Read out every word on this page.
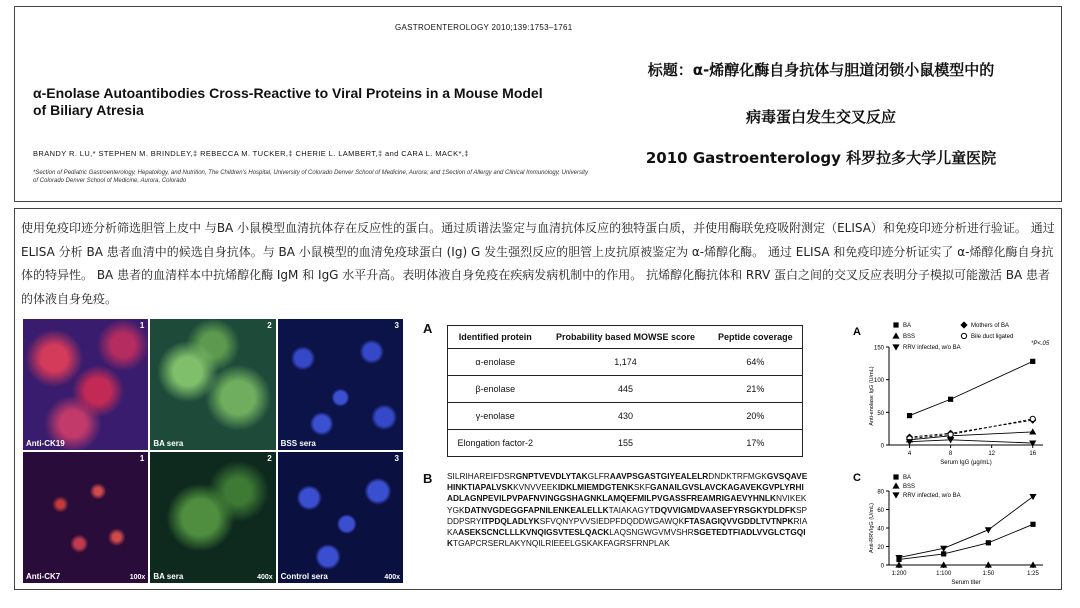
GASTROENTEROLOGY 2010;139:1753–1761
α-Enolase Autoantibodies Cross-Reactive to Viral Proteins in a Mouse Model of Biliary Atresia
BRANDY R. LU,* STEPHEN M. BRINDLEY,‡ REBECCA M. TUCKER,‡ CHERIE L. LAMBERT,‡ and CARA L. MACK*,‡
*Section of Pediatric Gastroenterology, Hepatology, and Nutrition, The Children's Hospital, University of Colorado Denver School of Medicine, Aurora; and ‡Section of Allergy and Clinical Immunology, University of Colorado Denver School of Medicine, Aurora, Colorado
标题：α-烯醇化酶自身抗体与胆道闭锁小鼠模型中的
病毒蛋白发生交叉反应
2010 Gastroenterology 科罗拉多大学儿童医院
使用免疫印迹分析筛选胆管上皮中 与BA 小鼠模型血清抗体存在反应性的蛋白。通过质谱法鉴定与血清抗体反应的独特蛋白质，并使用酶联免疫吸附测定（ELISA）和免疫印迹分析进行验证。 通过 ELISA 分析 BA 患者血清中的候选自身抗体。与 BA 小鼠模型的血清免疫球蛋白 (Ig) G 发生强烈反应的胆管上皮抗原被鉴定为 α-烯醇化酶。 通过 ELISA 和免疫印迹分析证实了 α-烯醇化酶自身抗体的特异性。 BA 患者的血清样本中抗烯醇化酶 IgM 和 IgG 水平升高。表明体液自身免疫在疾病发病机制中的作用。 抗烯醇化酶抗体和 RRV 蛋白之间的交叉反应表明分子模拟可能激活 BA 患者的体液自身免疫。
1
Anti-CK19
2
BA sera
3
BSS sera
1
Anti-CK7	100x
2
BA sera	400x
3
Control sera	400x
A
Identified protein	Probability based MOWSE score	Peptide coverage
α-enolase	1,174	64%
β-enolase	445	21%
γ-enolase	430	20%
Elongation factor-2	155	17%
B SILRIHAREIFDSRGNPTVEVDLYTAKGLFRAAVPSGASTGIYEALELRDNDKTRFMGKGVSQAVEHINKTIAPALVSKKVNVVEEKIDKLMIEMDGTENKSKFGANAILGVSLAVCKAGAVEKGVPLYRHIADLAGNPEVILPVPAFNVINGGSHAGNKLAMQEFMILPVGASSFREAMRIGAEVYHNLKNVIKEKYGKDATNVGDEGGFAPNILENKEALELLKTAIAKAGYTDQVVIGMDVAASEFYRSGKYDLDFKSPDDPSRYITPDQLADLYKSFVQNYPVVSIEDPFDQDDWGAWQKFTASAGIQVVGDDLTVTNPKRIAKAASEKSCNCLLLKVNQIGSVTESLQACKLAQSNGWGVMVSHRSGETEDTFIADLVVGLCTGQIKTGAPCRSERLAKYNQILRIEEELGSKAKFAGRSFRNPLAK
A
0
50
100
150
4	8	12	16
Serum IgG (μg/mL)
Anti-enolase IgG (U/mL)
*P<.05
BA	Mothers of BA
BSS	Bile duct ligated
RRV infected, w/o BA
C
0
20
40
60
80
1:200	1:100	1:50	1:25
Serum titer
Anti-RRVIgG (U/mL)
BA
BSS
RRV infected, w/o BA
